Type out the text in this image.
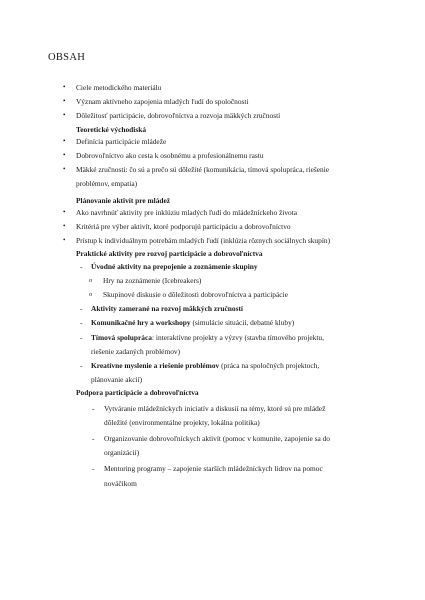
OBSAH
• Ciele metodického materiálu
• Význam aktívneho zapojenia mladých ľudí do spoločnosti
• Dôležitosť participácie, dobrovoľníctva a rozvoja mäkkých zručností
Teoretické východiská
• Definícia participácie mládeže
• Dobrovoľníctvo ako cesta k osobnému a profesionálnemu rastu
• Mäkké zručnosti: čo sú a prečo sú dôležité (komunikácia, tímová spolupráca, riešenie
problémov, empatia)
Plánovanie aktivít pre mládež
• Ako navrhnúť aktivity pre inklúziu mladých ľudí do mládežníckeho života
• Kritériá pre výber aktivít, ktoré podporujú participáciu a dobrovoľníctvo
• Prístup k individuálnym potrebám mladých ľudí (inklúzia rôznych sociálnych skupín)
Praktické aktivity pre rozvoj participácie a dobrovoľníctva
- Úvodné aktivity na prepojenie a zoznámenie skupiny
o Hry na zoznámenie (Icebreakers)
o Skupinové diskusie o dôležitosti dobrovoľníctva a participácie
- Aktivity zamerané na rozvoj mäkkých zručností
- Komunikačné hry a workshopy (simulácie situácií, debatné kluby)
- Tímová spolupráca: interaktívne projekty a výzvy (stavba tímového projektu,
riešenie zadaných problémov)
- Kreatívne myslenie a riešenie problémov (práca na spoločných projektoch,
plánovanie akcií)
Podpora participácie a dobrovoľníctva
- Vytváranie mládežníckych iniciatív a diskusií na témy, ktoré sú pre mládež
dôležité (environmentálne projekty, lokálna politika)
- Organizovanie dobrovoľníckych aktivít (pomoc v komunite, zapojenie sa do
organizácií)
- Mentoring programy – zapojenie starších mládežníckych lídrov na pomoc
nováčikom
